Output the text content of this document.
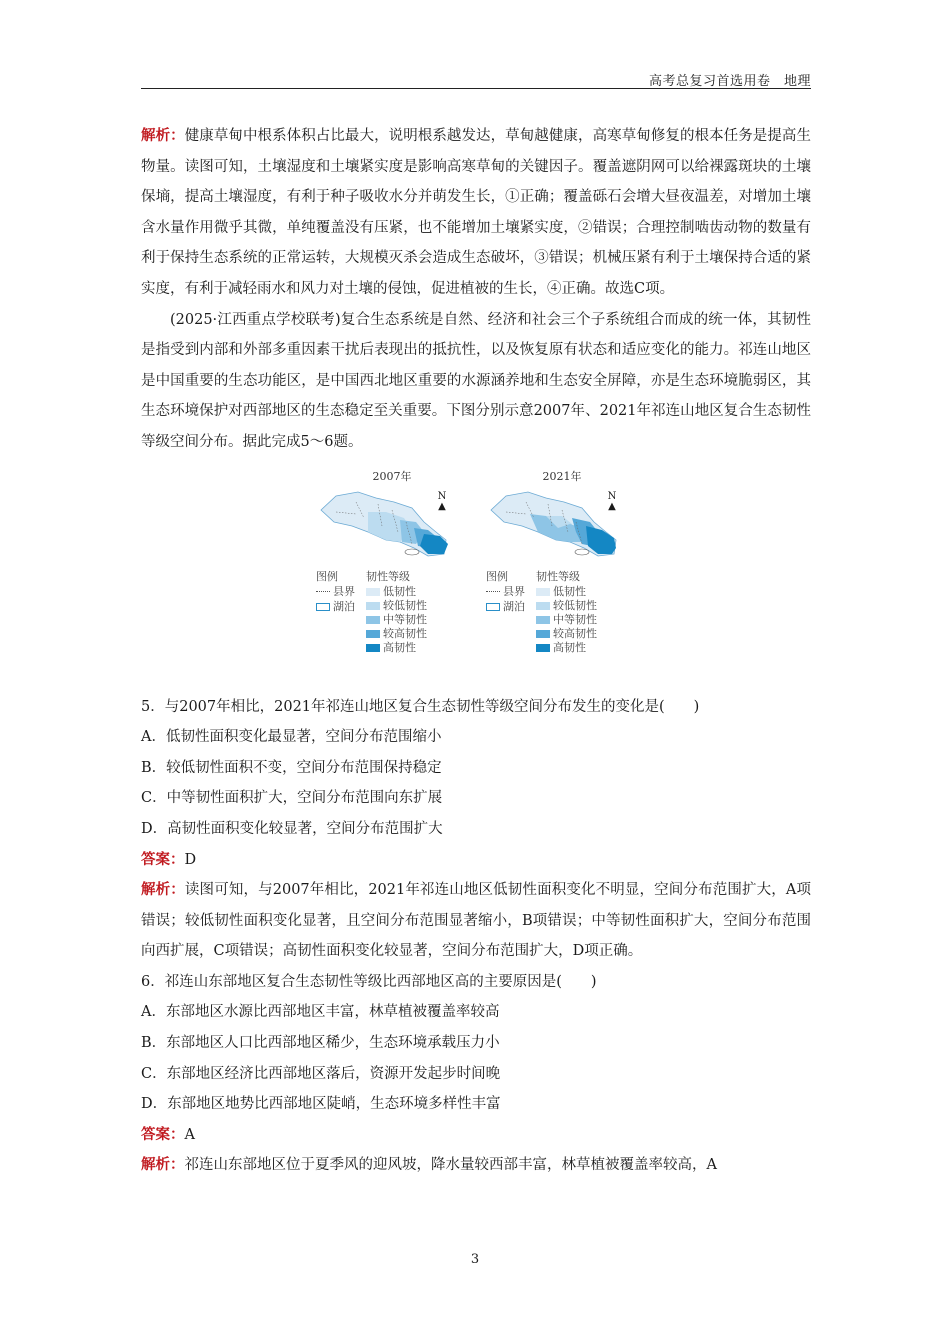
高考总复习首选用卷　地理

解析：健康草甸中根系体积占比最大，说明根系越发达，草甸越健康，高寒草甸修复的根本任务是提高生物量。读图可知，土壤湿度和土壤紧实度是影响高寒草甸的关键因子。覆盖遮阴网可以给裸露斑块的土壤保墒，提高土壤湿度，有利于种子吸收水分并萌发生长，①正确；覆盖砾石会增大昼夜温差，对增加土壤含水量作用微乎其微，单纯覆盖没有压紧，也不能增加土壤紧实度，②错误；合理控制啮齿动物的数量有利于保持生态系统的正常运转，大规模灭杀会造成生态破坏，③错误；机械压紧有利于土壤保持合适的紧实度，有利于减轻雨水和风力对土壤的侵蚀，促进植被的生长，④正确。故选C项。

(2025·江西重点学校联考)复合生态系统是自然、经济和社会三个子系统组合而成的统一体，其韧性是指受到内部和外部多重因素干扰后表现出的抵抗性，以及恢复原有状态和适应变化的能力。祁连山地区是中国重要的生态功能区，是中国西北地区重要的水源涵养地和生态安全屏障，亦是生态环境脆弱区，其生态环境保护对西部地区的生态稳定至关重要。下图分别示意2007年、2021年祁连山地区复合生态韧性等级空间分布。据此完成5～6题。

2007年
N
▲
图例	韧性等级
县界
湖泊
低韧性
较低韧性
中等韧性
较高韧性
高韧性
2021年
N
▲
图例	韧性等级
县界
湖泊
低韧性
较低韧性
中等韧性
较高韧性
高韧性

5．与2007年相比，2021年祁连山地区复合生态韧性等级空间分布发生的变化是(　　)

A．低韧性面积变化最显著，空间分布范围缩小

B．较低韧性面积不变，空间分布范围保持稳定

C．中等韧性面积扩大，空间分布范围向东扩展

D．高韧性面积变化较显著，空间分布范围扩大

答案：D

解析：读图可知，与2007年相比，2021年祁连山地区低韧性面积变化不明显，空间分布范围扩大，A项错误；较低韧性面积变化显著，且空间分布范围显著缩小，B项错误；中等韧性面积扩大，空间分布范围向西扩展，C项错误；高韧性面积变化较显著，空间分布范围扩大，D项正确。

6．祁连山东部地区复合生态韧性等级比西部地区高的主要原因是(　　)

A．东部地区水源比西部地区丰富，林草植被覆盖率较高

B．东部地区人口比西部地区稀少，生态环境承载压力小

C．东部地区经济比西部地区落后，资源开发起步时间晚

D．东部地区地势比西部地区陡峭，生态环境多样性丰富

答案：A

解析：祁连山东部地区位于夏季风的迎风坡，降水量较西部丰富，林草植被覆盖率较高，A

3
